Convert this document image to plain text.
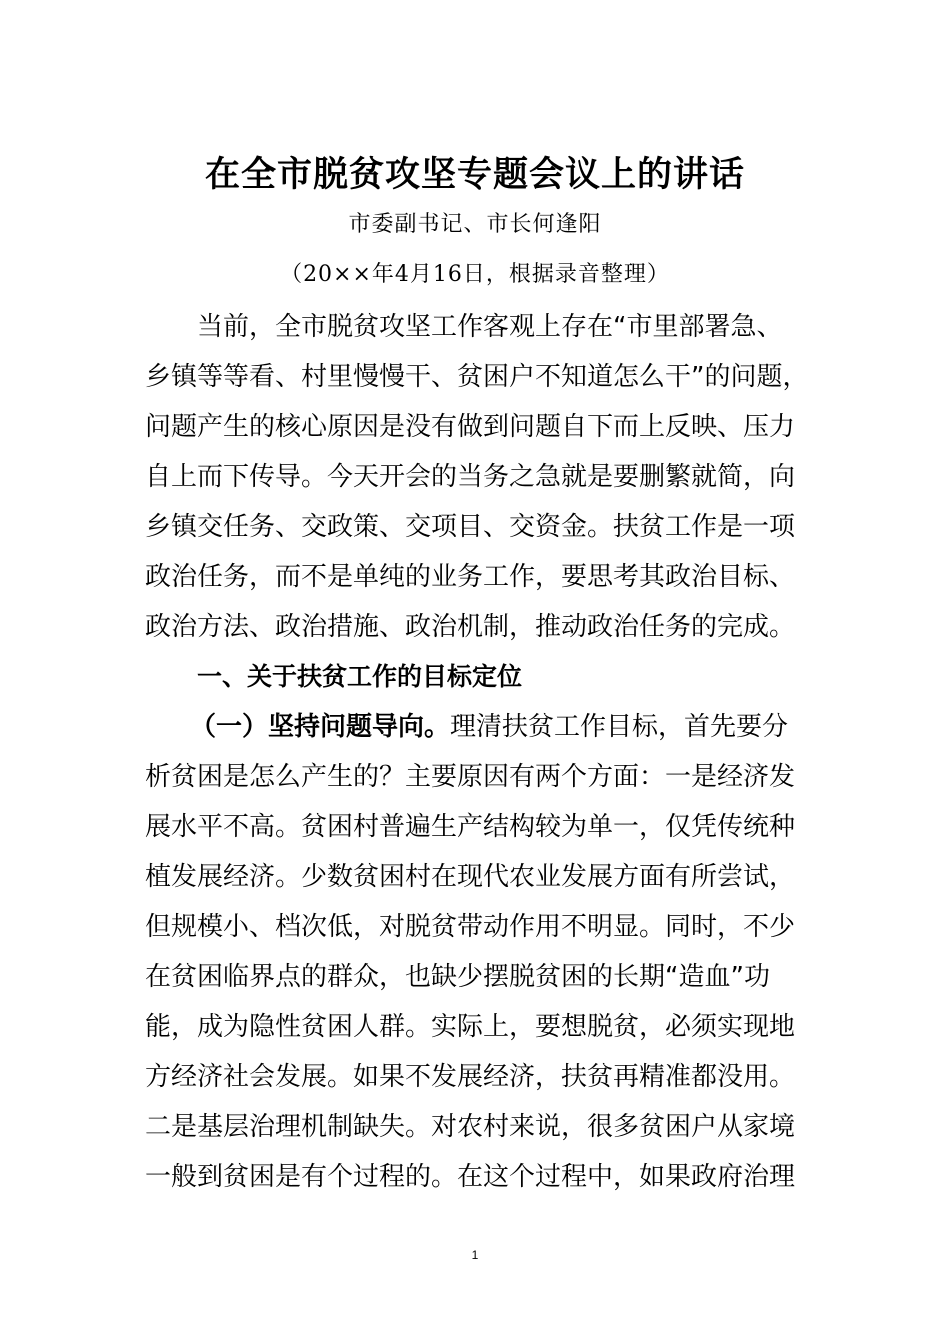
在全市脱贫攻坚专题会议上的讲话
市委副书记、市长何逢阳
（20××年4月16日，根据录音整理）
当前，全市脱贫攻坚工作客观上存在“市里部署急、
乡镇等等看、村里慢慢干、贫困户不知道怎么干”的问题，
问题产生的核心原因是没有做到问题自下而上反映、压力
自上而下传导。今天开会的当务之急就是要删繁就简，向
乡镇交任务、交政策、交项目、交资金。扶贫工作是一项
政治任务，而不是单纯的业务工作，要思考其政治目标、
政治方法、政治措施、政治机制，推动政治任务的完成。
一、关于扶贫工作的目标定位
（一）坚持问题导向。理清扶贫工作目标，首先要分
析贫困是怎么产生的？主要原因有两个方面：一是经济发
展水平不高。贫困村普遍生产结构较为单一，仅凭传统种
植发展经济。少数贫困村在现代农业发展方面有所尝试，
但规模小、档次低，对脱贫带动作用不明显。同时，不少
在贫困临界点的群众，也缺少摆脱贫困的长期“造血”功
能，成为隐性贫困人群。实际上，要想脱贫，必须实现地
方经济社会发展。如果不发展经济，扶贫再精准都没用。
二是基层治理机制缺失。对农村来说，很多贫困户从家境
一般到贫困是有个过程的。在这个过程中，如果政府治理
1
